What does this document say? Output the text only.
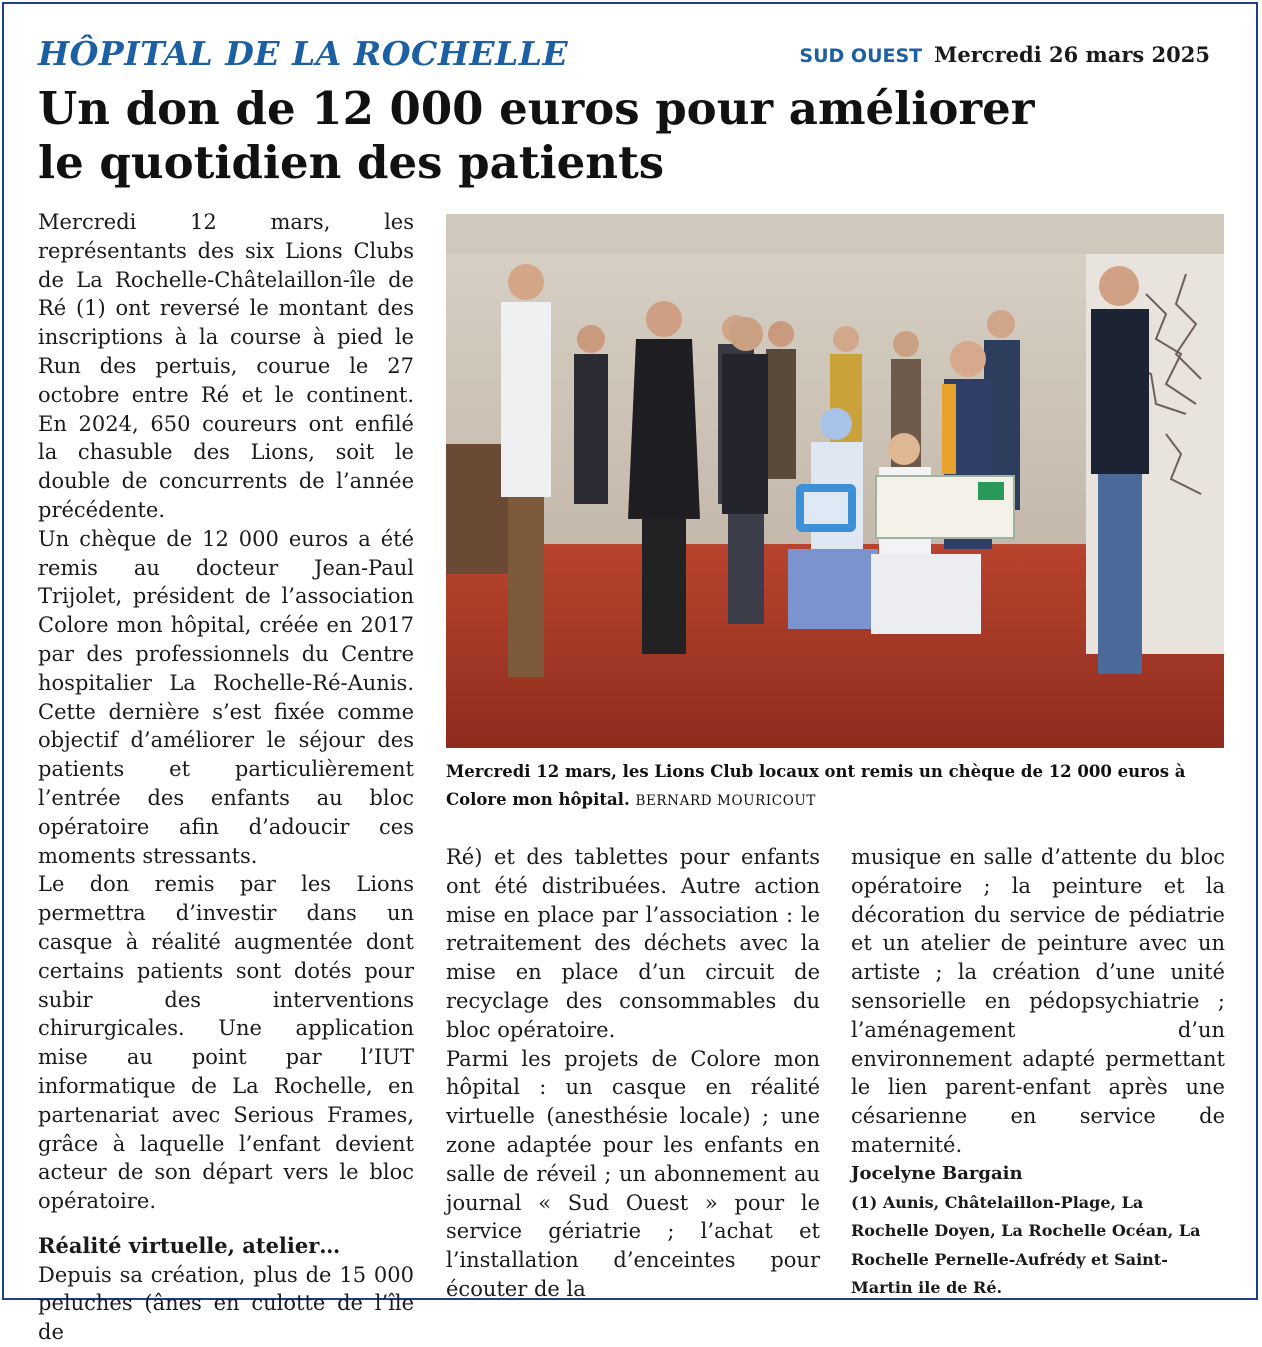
HÔPITAL DE LA ROCHELLE	SUD OUEST Mercredi 26 mars 2025
Un don de 12 000 euros pour améliorer
le quotidien des patients

Mercredi 12 mars, les représentants des six Lions Clubs de La Rochelle-Châtelaillon-île de Ré (1) ont reversé le montant des inscriptions à la course à pied le Run des pertuis, courue le 27 octobre entre Ré et le continent. En 2024, 650 coureurs ont enfilé la chasuble des Lions, soit le double de concurrents de l’année précédente.

Un chèque de 12 000 euros a été remis au docteur Jean-Paul Trijolet, président de l’association Colore mon hôpital, créée en 2017 par des professionnels du Centre hospitalier La Rochelle-Ré-Aunis. Cette dernière s’est fixée comme objectif d’améliorer le séjour des patients et particulièrement l’entrée des enfants au bloc opératoire afin d’adoucir ces moments stressants.

Le don remis par les Lions permettra d’investir dans un casque à réalité augmentée dont certains patients sont dotés pour subir des interventions chirurgicales. Une application mise au point par l’IUT informatique de La Rochelle, en partenariat avec Serious Frames, grâce à laquelle l’enfant devient acteur de son départ vers le bloc opératoire.

Réalité virtuelle, atelier…

Depuis sa création, plus de 15 000 peluches (ânes en culotte de l’île de

Mercredi 12 mars, les Lions Club locaux ont remis un chèque de 12 000 euros à Colore mon hôpital. BERNARD MOURICOUT

Ré) et des tablettes pour enfants ont été distribuées. Autre action mise en place par l’association : le retraitement des déchets avec la mise en place d’un circuit de recyclage des consommables du bloc opératoire.

Parmi les projets de Colore mon hôpital : un casque en réalité virtuelle (anesthésie locale) ; une zone adaptée pour les enfants en salle de réveil ; un abonnement au journal « Sud Ouest » pour le service gériatrie ; l’achat et l’installation d’enceintes pour écouter de la

musique en salle d’attente du bloc opératoire ; la peinture et la décoration du service de pédiatrie et un atelier de peinture avec un artiste ; la création d’une unité sensorielle en pédopsychiatrie ; l’aménagement d’un environnement adapté permettant le lien parent-enfant après une césarienne en service de maternité.

Jocelyne Bargain

(1) Aunis, Châtelaillon-Plage, La Rochelle Doyen, La Rochelle Océan, La Rochelle Pernelle-Aufrédy et Saint-Martin ile de Ré.
